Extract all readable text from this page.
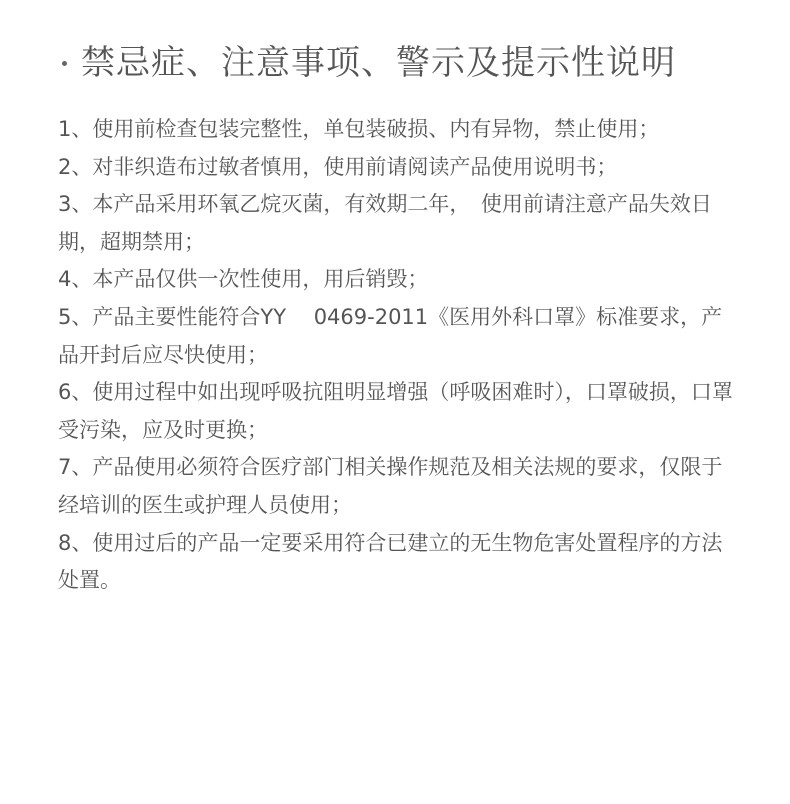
禁忌症、注意事项、警示及提示性说明
1、使用前检查包装完整性，单包装破损、内有异物，禁止使用；
2、对非织造布过敏者慎用，使用前请阅读产品使用说明书；
3、本产品采用环氧乙烷灭菌，有效期二年，　使用前请注意产品失效日期，超期禁用；
4、本产品仅供一次性使用，用后销毁；
5、产品主要性能符合YY　 0469-2011《医用外科口罩》标准要求，产品开封后应尽快使用；
6、使用过程中如出现呼吸抗阻明显增强（呼吸困难时），口罩破损，口罩受污染，应及时更换；
7、产品使用必须符合医疗部门相关操作规范及相关法规的要求，仅限于经培训的医生或护理人员使用；
8、使用过后的产品一定要采用符合已建立的无生物危害处置程序的方法处置。
